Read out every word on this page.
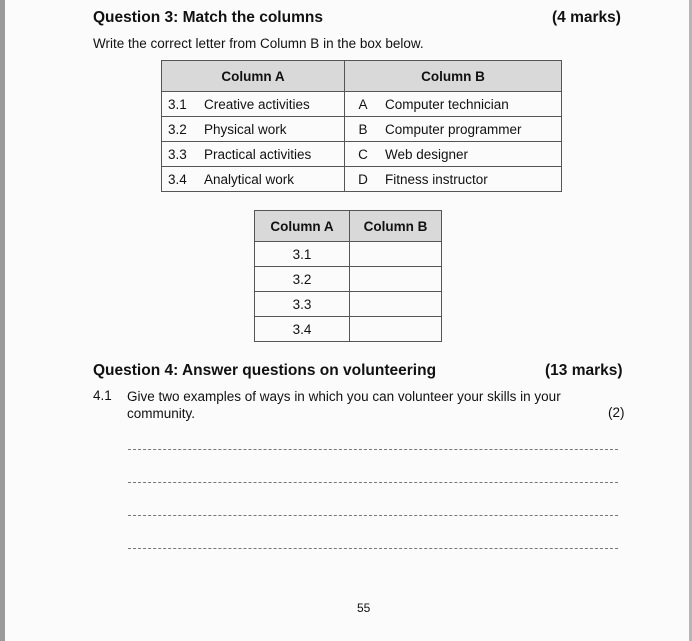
Question 3: Match the columns	(4 marks)
Write the correct letter from Column B in the box below.
Column A		Column B	
3.1	Creative activities	A	Computer technician
3.2	Physical work	B	Computer programmer
3.3	Practical activities	C	Web designer
3.4	Analytical work	D	Fitness instructor
Column A	Column B
3.1	
3.2	
3.3	
3.4	
Question 4: Answer questions on volunteering	(13 marks)
4.1 Give two examples of ways in which you can volunteer your skills in your community.	(2)
55
